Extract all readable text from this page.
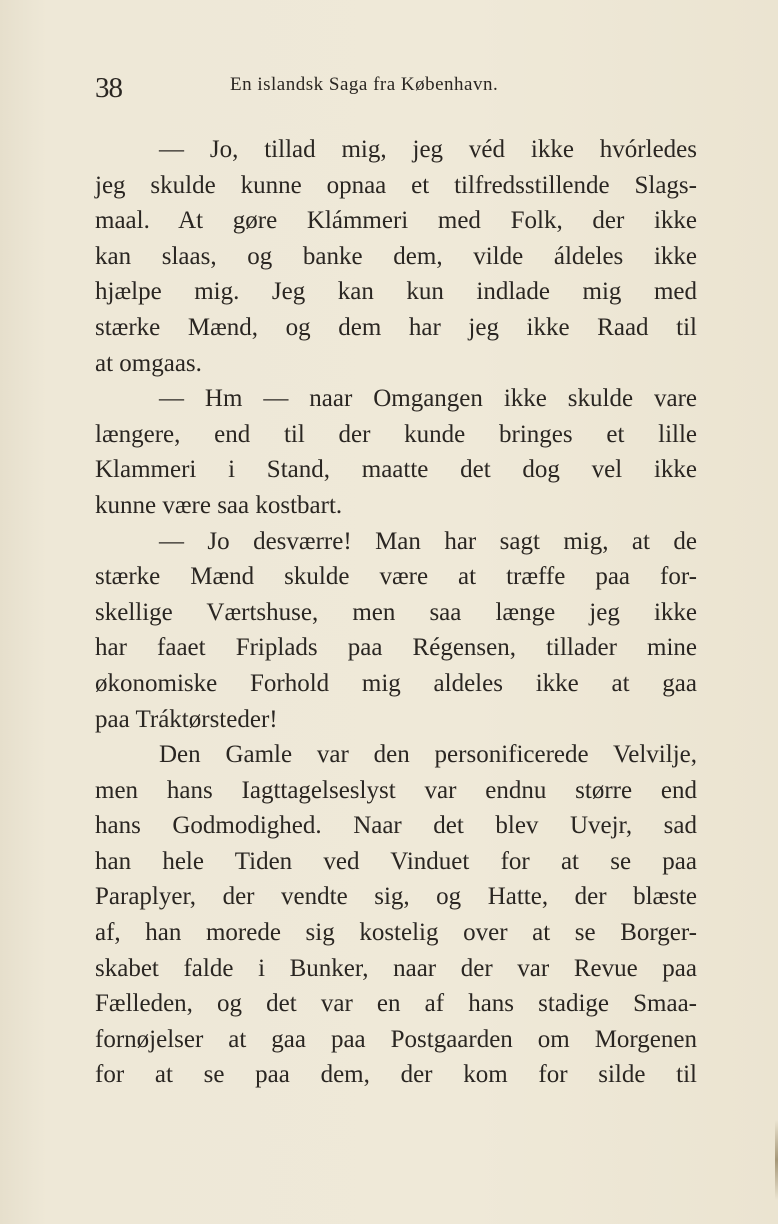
38	En islandsk Saga fra København.
— Jo, tillad mig, jeg véd ikke hvórledes
jeg skulde kunne opnaa et tilfredsstillende Slags-
maal. At gøre Klámmeri med Folk, der ikke
kan slaas, og banke dem, vilde áldeles ikke
hjælpe mig. Jeg kan kun indlade mig med
stærke Mænd, og dem har jeg ikke Raad til
at omgaas.
— Hm — naar Omgangen ikke skulde vare
længere, end til der kunde bringes et lille
Klammeri i Stand, maatte det dog vel ikke
kunne være saa kostbart.
— Jo desværre! Man har sagt mig, at de
stærke Mænd skulde være at træffe paa for-
skellige Værtshuse, men saa længe jeg ikke
har faaet Friplads paa Régensen, tillader mine
økonomiske Forhold mig aldeles ikke at gaa
paa Tráktørsteder!
Den Gamle var den personificerede Velvilje,
men hans Iagttagelseslyst var endnu større end
hans Godmodighed. Naar det blev Uvejr, sad
han hele Tiden ved Vinduet for at se paa
Paraplyer, der vendte sig, og Hatte, der blæste
af, han morede sig kostelig over at se Borger-
skabet falde i Bunker, naar der var Revue paa
Fælleden, og det var en af hans stadige Smaa-
fornøjelser at gaa paa Postgaarden om Morgenen
for at se paa dem, der kom for silde til
